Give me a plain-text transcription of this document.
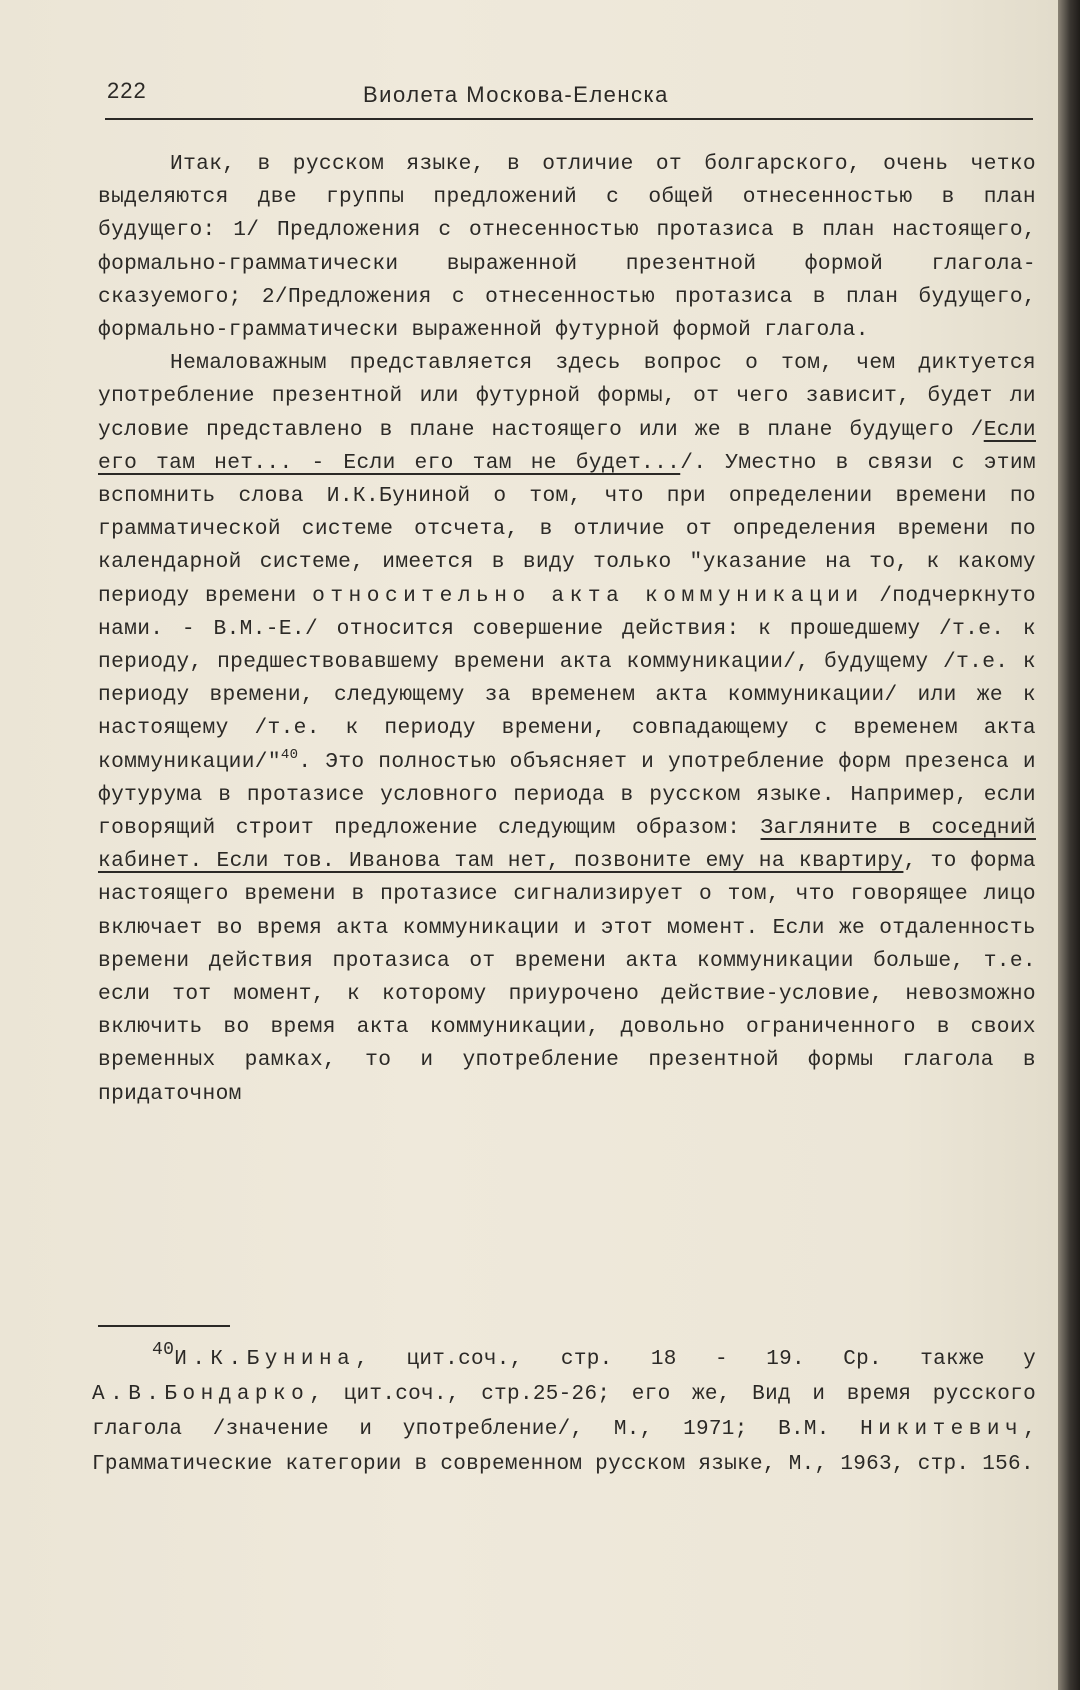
222	Виолета Москова-Еленска

Итак, в русском языке, в отличие от болгарского, очень четко выделяются две группы предложений с общей отнесенностью в план будущего: 1/ Предложения с отнесенностью протазиса в план настоящего, формально-грамматически выраженной презентной формой глагола-сказуемого; 2/Предложения с отнесенностью протазиса в план будущего, формально-грамматически выраженной футурной формой глагола.

Немаловажным представляется здесь вопрос о том, чем диктуется употребление презентной или футурной формы, от чего зависит, будет ли условие представлено в плане настоящего или же в плане будущего /Если его там нет... - Если его там не будет.../. Уместно в связи с этим вспомнить слова И.К.Буниной о том, что при определении времени по грамматической системе отсчета, в отличие от определения времени по календарной системе, имеется в виду только "указание на то, к какому периоду времени относительно акта коммуникации /подчеркнуто нами. - В.М.-Е./ относится совершение действия: к прошедшему /т.е. к периоду, предшествовавшему времени акта коммуникации/, будущему /т.е. к периоду времени, следующему за временем акта коммуникации/ или же к настоящему /т.е. к периоду времени, совпадающему с временем акта коммуникации/"$^{40}$. Это полностью объясняет и употребление форм презенса и футурума в протазисе условного периода в русском языке. Например, если говорящий строит предложение следующим образом: Загляните в соседний кабинет. Если тов. Иванова там нет, позвоните ему на квартиру, то форма настоящего времени в протазисе сигнализирует о том, что говорящее лицо включает во время акта коммуникации и этот момент. Если же отдаленность времени действия протазиса от времени акта коммуникации больше, т.е. если тот момент, к которому приурочено действие-условие, невозможно включить во время акта коммуникации, довольно ограниченного в своих временных рамках, то и употребление презентной формы глагола в придаточном

40И.К.Бунина, цит.соч., стр. 18 - 19. Ср. также у А.В.Бондарко, цит.соч., стр.25-26; его же, Вид и время русского глагола /значение и употребление/, М., 1971; В.М. Никитевич, Грамматические категории в современном русском языке, М., 1963, стр. 156.
